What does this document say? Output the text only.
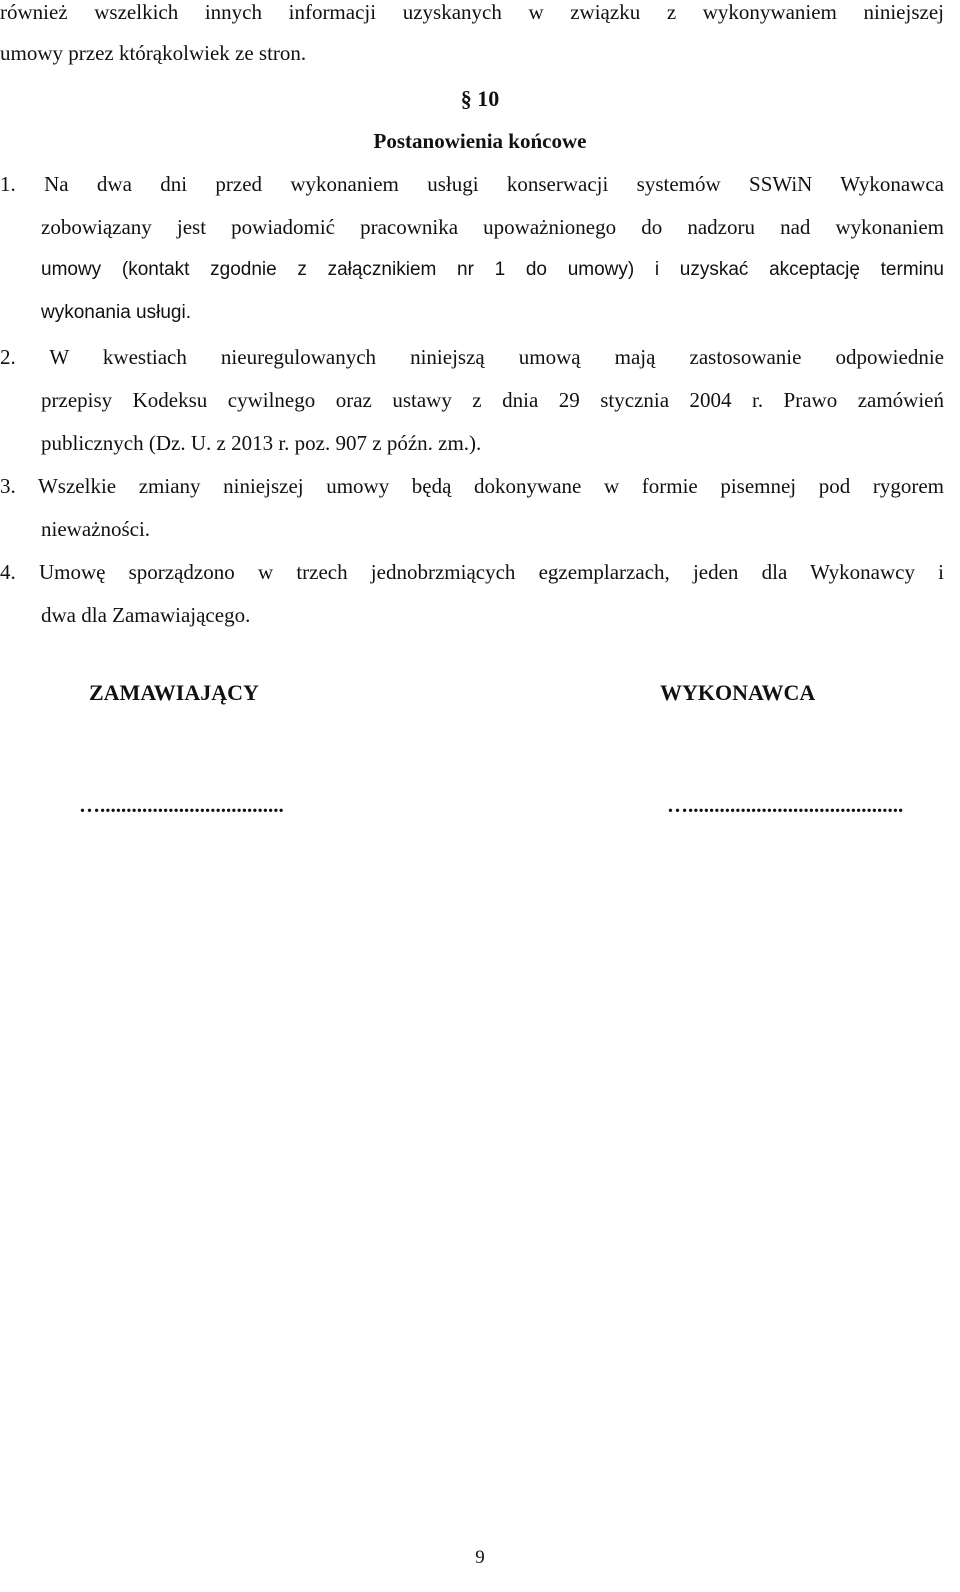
również wszelkich innych informacji uzyskanych w związku z wykonywaniem niniejszej
umowy przez którąkolwiek ze stron.
§ 10
Postanowienia końcowe
1. Na dwa dni przed wykonaniem usługi konserwacji systemów SSWiN Wykonawca
zobowiązany jest powiadomić pracownika upoważnionego do nadzoru nad wykonaniem
umowy (kontakt zgodnie z załącznikiem nr 1 do umowy) i uzyskać akceptację terminu
wykonania usługi.
2. W kwestiach nieuregulowanych niniejszą umową mają zastosowanie odpowiednie
przepisy Kodeksu cywilnego oraz ustawy z dnia 29 stycznia 2004 r. Prawo zamówień
publicznych (Dz. U. z 2013 r. poz. 907 z późn. zm.).
3. Wszelkie zmiany niniejszej umowy będą dokonywane w formie pisemnej pod rygorem
nieważności.
4. Umowę sporządzono w trzech jednobrzmiących egzemplarzach, jeden dla Wykonawcy i
dwa dla Zamawiającego.
ZAMAWIAJĄCY	WYKONAWCA
…...................................	….........................................
9
